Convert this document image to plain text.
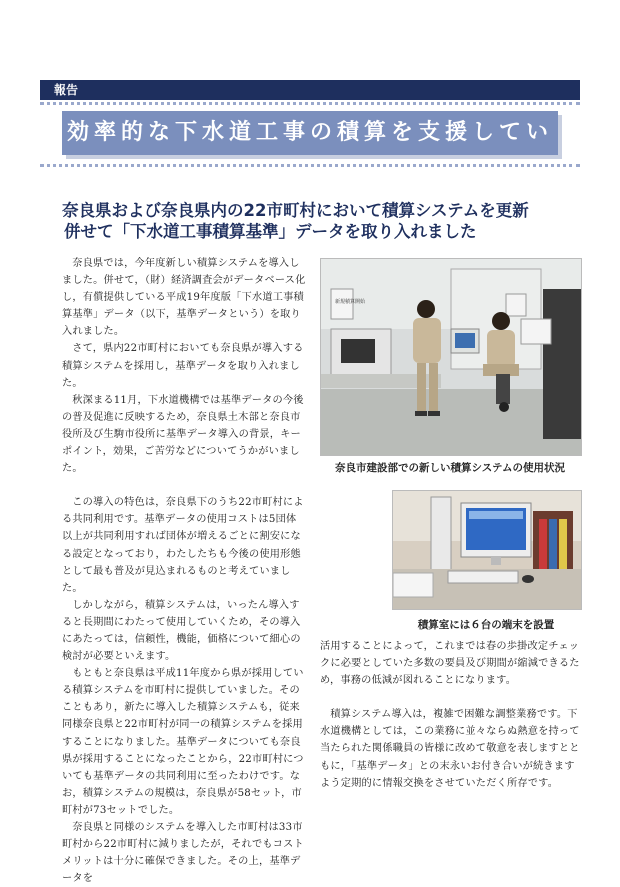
報告
効率的な下水道工事の積算を支援しています
奈良県および奈良県内の22市町村において積算システムを更新
併せて「下水道工事積算基準」データを取り入れました

奈良県では，今年度新しい積算システムを導入しました。併せて，（財）経済調査会がデータベース化し，有償提供している平成19年度版「下水道工事積算基準」データ（以下，基準データという）を取り入れました。

さて，県内22市町村においても奈良県が導入する積算システムを採用し，基準データを取り入れました。

秋深まる11月，下水道機構では基準データの今後の普及促進に反映するため，奈良県土木部と奈良市役所及び生駒市役所に基準データ導入の背景，キーポイント，効果，ご苦労などについてうかがいました。

この導入の特色は，奈良県下のうち22市町村による共同利用です。基準データの使用コストは5団体以上が共同利用すれば団体が増えるごとに割安になる設定となっており，わたしたちも今後の使用形態として最も普及が見込まれるものと考えていました。

しかしながら，積算システムは，いったん導入すると長期間にわたって使用していくため，その導入にあたっては，信頼性，機能，価格について細心の検討が必要といえます。

もともと奈良県は平成11年度から県が採用している積算システムを市町村に提供していました。そのこともあり，新たに導入した積算システムも，従来同様奈良県と22市町村が同一の積算システムを採用することになりました。基準データについても奈良県が採用することになったことから，22市町村についても基準データの共同利用に至ったわけです。なお，積算システムの規模は，奈良県が58セット，市町村が73セットでした。

奈良県と同様のシステムを導入した市町村は33市町村から22市町村に減りましたが，それでもコストメリットは十分に確保できました。その上，基準データを

新規積算開始
奈良市建設部での新しい積算システムの使用状況
積算室には６台の端末を設置

活用することによって，これまでは春の歩掛改定チェックに必要としていた多数の要員及び期間が縮減できるため，事務の低減が図れることになります。

積算システム導入は，複雑で困難な調整業務です。下水道機構としては，この業務に並々ならぬ熱意を持って当たられた関係職員の皆様に改めて敬意を表しますとともに，「基準データ」との末永いお付き合いが続きますよう定期的に情報交換をさせていただく所存です。
